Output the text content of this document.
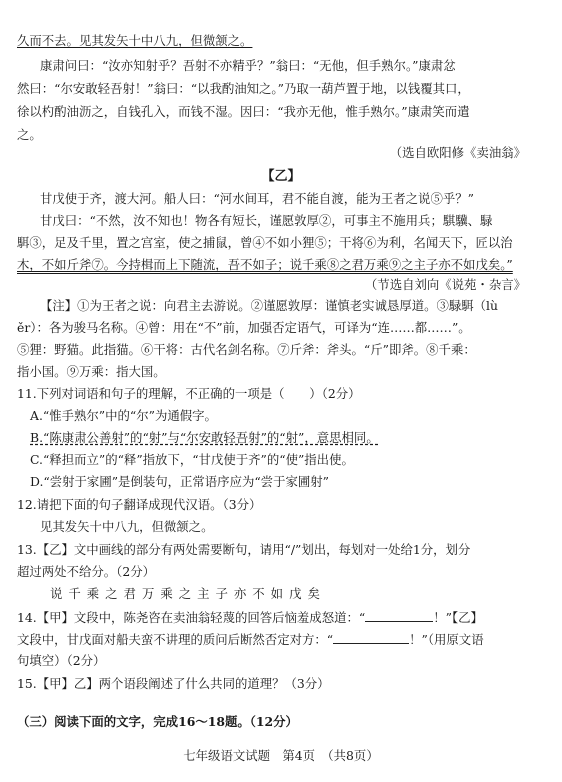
久而不去。见其发矢十中八九，但微颔之。
康肃问曰：“汝亦知射乎？吾射不亦精乎？”翁曰：“无他，但手熟尔。”康肃忿
然曰：“尔安敢轻吾射！”翁曰：“以我酌油知之。”乃取一葫芦置于地，以钱覆其口，
徐以杓酌油沥之，自钱孔入，而钱不湿。因曰：“我亦无他，惟手熟尔。”康肃笑而遣
之。
（选自欧阳修《卖油翁》
【乙】
甘戊使于齐，渡大河。船人曰：“河水间耳，君不能自渡，能为王者之说⑤乎？”
甘戊曰：“不然，汝不知也！物各有短长，谨愿敦厚②，可事主不施用兵；騏驥、騄
駬③，足及千里，置之宫室，使之捕鼠，曾④不如小狸⑤；干将⑥为利，名闻天下，匠以治
木，不如斤斧⑦。今持楫而上下随流，吾不如子；说千乘⑧之君万乘⑨之主子亦不如戊矣。”
（节选自刘向《说苑・杂言》
【注】①为王者之说：向君主去游说。②谨愿敦厚：谨慎老实诚恳厚道。③騄駬（lù
ěr）：各为骏马名称。④曾：用在“不”前，加强否定语气，可译为“连……都……”。
⑤狸：野猫。此指猫。⑥干将：古代名剑名称。⑦斤斧：斧头。“斤”即斧。⑧千乘：
指小国。⑨万乘：指大国。
11.下列对词语和句子的理解，不正确的一项是（　　）（2分）
A.“惟手熟尔”中的“尔”为通假字。
B.“陈康肃公善射”的“射”与“尔安敢轻吾射”的“射”，意思相同。
C.“释担而立”的“释”指放下，“甘戊使于齐”的“使”指出使。
D.“尝射于家圃”是倒装句，正常语序应为“尝于家圃射”
12.请把下面的句子翻译成现代汉语。（3分）
见其发矢十中八九，但微颔之。
13.【乙】文中画线的部分有两处需要断句，请用“/”划出，每划对一处给1分，划分
超过两处不给分。（2分）
说千乘之君万乘之主子亦不如戊矣
14.【甲】文段中，陈尧咨在卖油翁轻蔑的回答后恼羞成怒道：“	！”【乙】
文段中，甘戊面对船夫蛮不讲理的质问后断然否定对方：“	！”（用原文语
句填空）（2分）
15.【甲】乙】两个语段阐述了什么共同的道理？（3分）
（三）阅读下面的文字，完成16～18题。（12分）
七年级语文试题　第4页　（共8页）
